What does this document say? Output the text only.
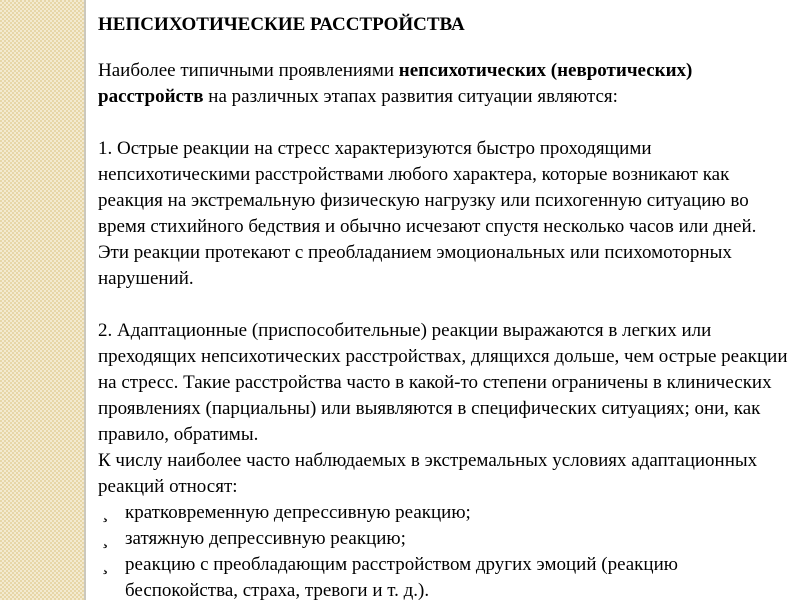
НЕПСИХОТИЧЕСКИЕ РАССТРОЙСТВА

Наиболее типичными проявлениями непсихотических (невротических) расстройств на различных этапах развития ситуации являются:

1. Острые реакции на стресс характеризуются быстро проходящими непсихотическими расстройствами любого характера, которые возникают как реакция на экстремальную физическую нагрузку или психогенную ситуацию во время стихийного бедствия и обычно исчезают спустя несколько часов или дней. Эти реакции протекают с преобладанием эмоциональных или психомоторных нарушений.

2. Адаптационные (приспособительные) реакции выражаются в легких или преходящих непсихотических расстройствах, длящихся дольше, чем острые реакции на стресс. Такие расстройства часто в какой-то степени ограничены в клинических проявлениях (парциальны) или выявляются в специфических ситуациях; они, как правило, обратимы.

К числу наиболее часто наблюдаемых в экстремальных условиях адаптационных реакций относят:

¸ кратковременную депрессивную реакцию;
¸ затяжную депрессивную реакцию;
¸ реакцию с преобладающим расстройством других эмоций (реакцию беспокойства, страха, тревоги и т. д.).
